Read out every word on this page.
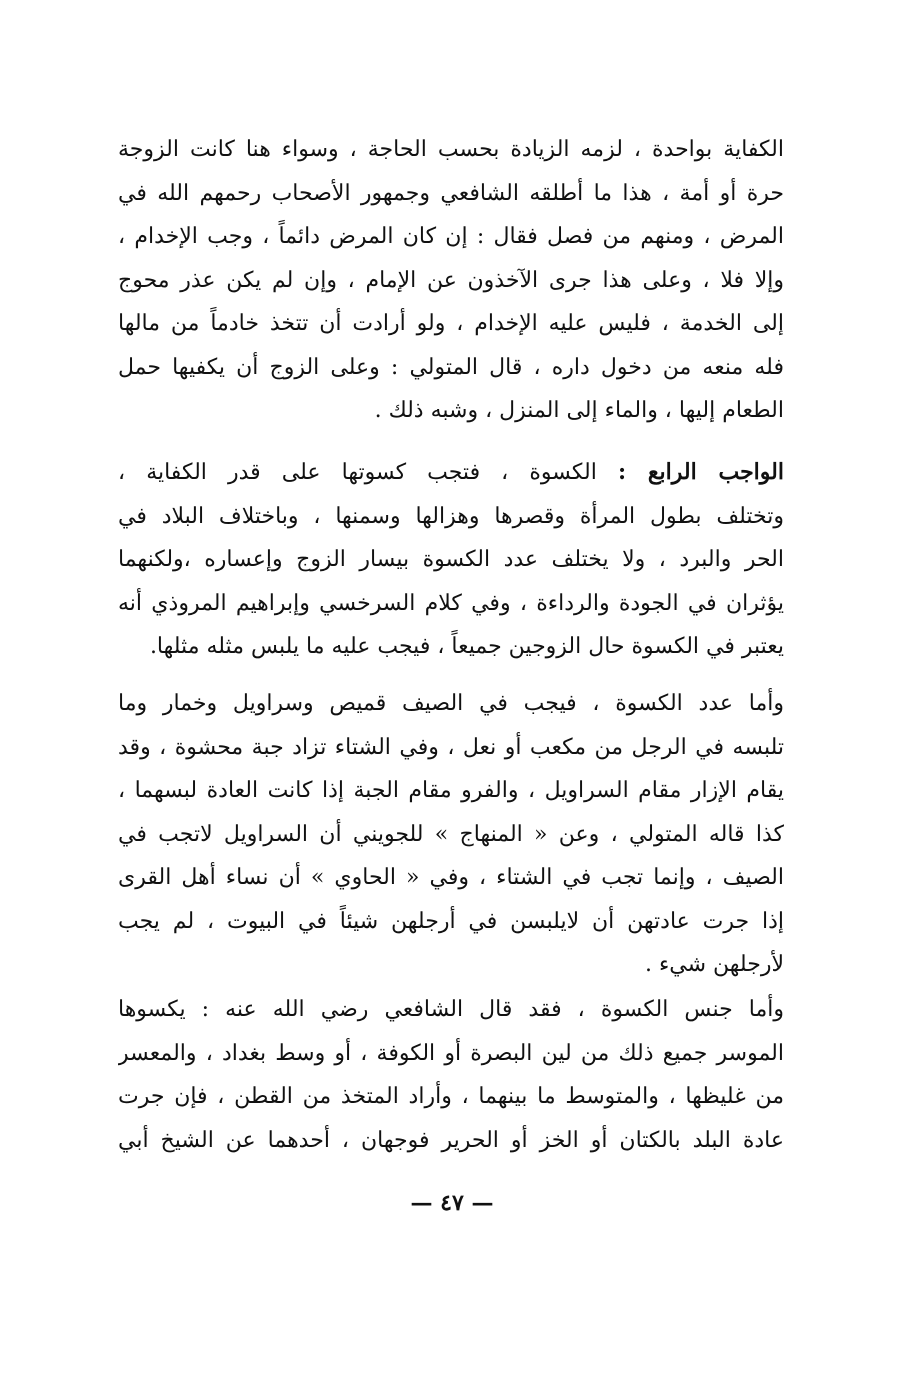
الكفاية بواحدة ، لزمه الزيادة بحسب الحاجة ، وسواء هنا كانت الزوجة
حرة أو أمة ، هذا ما أطلقه الشافعي وجمهور الأصحاب رحمهم الله في
المرض ، ومنهم من فصل فقال : إن كان المرض دائماً ، وجب الإخدام ،
وإلا فلا ، وعلى هذا جرى الآخذون عن الإمام ، وإن لم يكن عذر محوج
إلى الخدمة ، فليس عليه الإخدام ، ولو أرادت أن تتخذ خادماً من مالها
فله منعه من دخول داره ، قال المتولي : وعلى الزوج أن يكفيها حمل
الطعام إليها ، والماء إلى المنزل ، وشبه ذلك .
الواجب الرابع : الكسوة ، فتجب كسوتها على قدر الكفاية ،
وتختلف بطول المرأة وقصرها وهزالها وسمنها ، وباختلاف البلاد في
الحر والبرد ، ولا يختلف عدد الكسوة بيسار الزوج وإعساره ،ولكنهما
يؤثران في الجودة والرداءة ، وفي كلام السرخسي وإبراهيم المروذي أنه
يعتبر في الكسوة حال الزوجين جميعاً ، فيجب عليه ما يلبس مثله مثلها.
وأما عدد الكسوة ، فيجب في الصيف قميص وسراويل وخمار وما
تلبسه في الرجل من مكعب أو نعل ، وفي الشتاء تزاد جبة محشوة ، وقد
يقام الإزار مقام السراويل ، والفرو مقام الجبة إذا كانت العادة لبسهما ،
كذا قاله المتولي ، وعن « المنهاج » للجويني أن السراويل لاتجب في
الصيف ، وإنما تجب في الشتاء ، وفي « الحاوي » أن نساء أهل القرى
إذا جرت عادتهن أن لايلبسن في أرجلهن شيئاً في البيوت ، لم يجب
لأرجلهن شيء .
وأما جنس الكسوة ، فقد قال الشافعي رضي الله عنه : يكسوها
الموسر جميع ذلك من لين البصرة أو الكوفة ، أو وسط بغداد ، والمعسر
من غليظها ، والمتوسط ما بينهما ، وأراد المتخذ من القطن ، فإن جرت
عادة البلد بالكتان أو الخز أو الحرير فوجهان ، أحدهما عن الشيخ أبي
— ٤٧ —
